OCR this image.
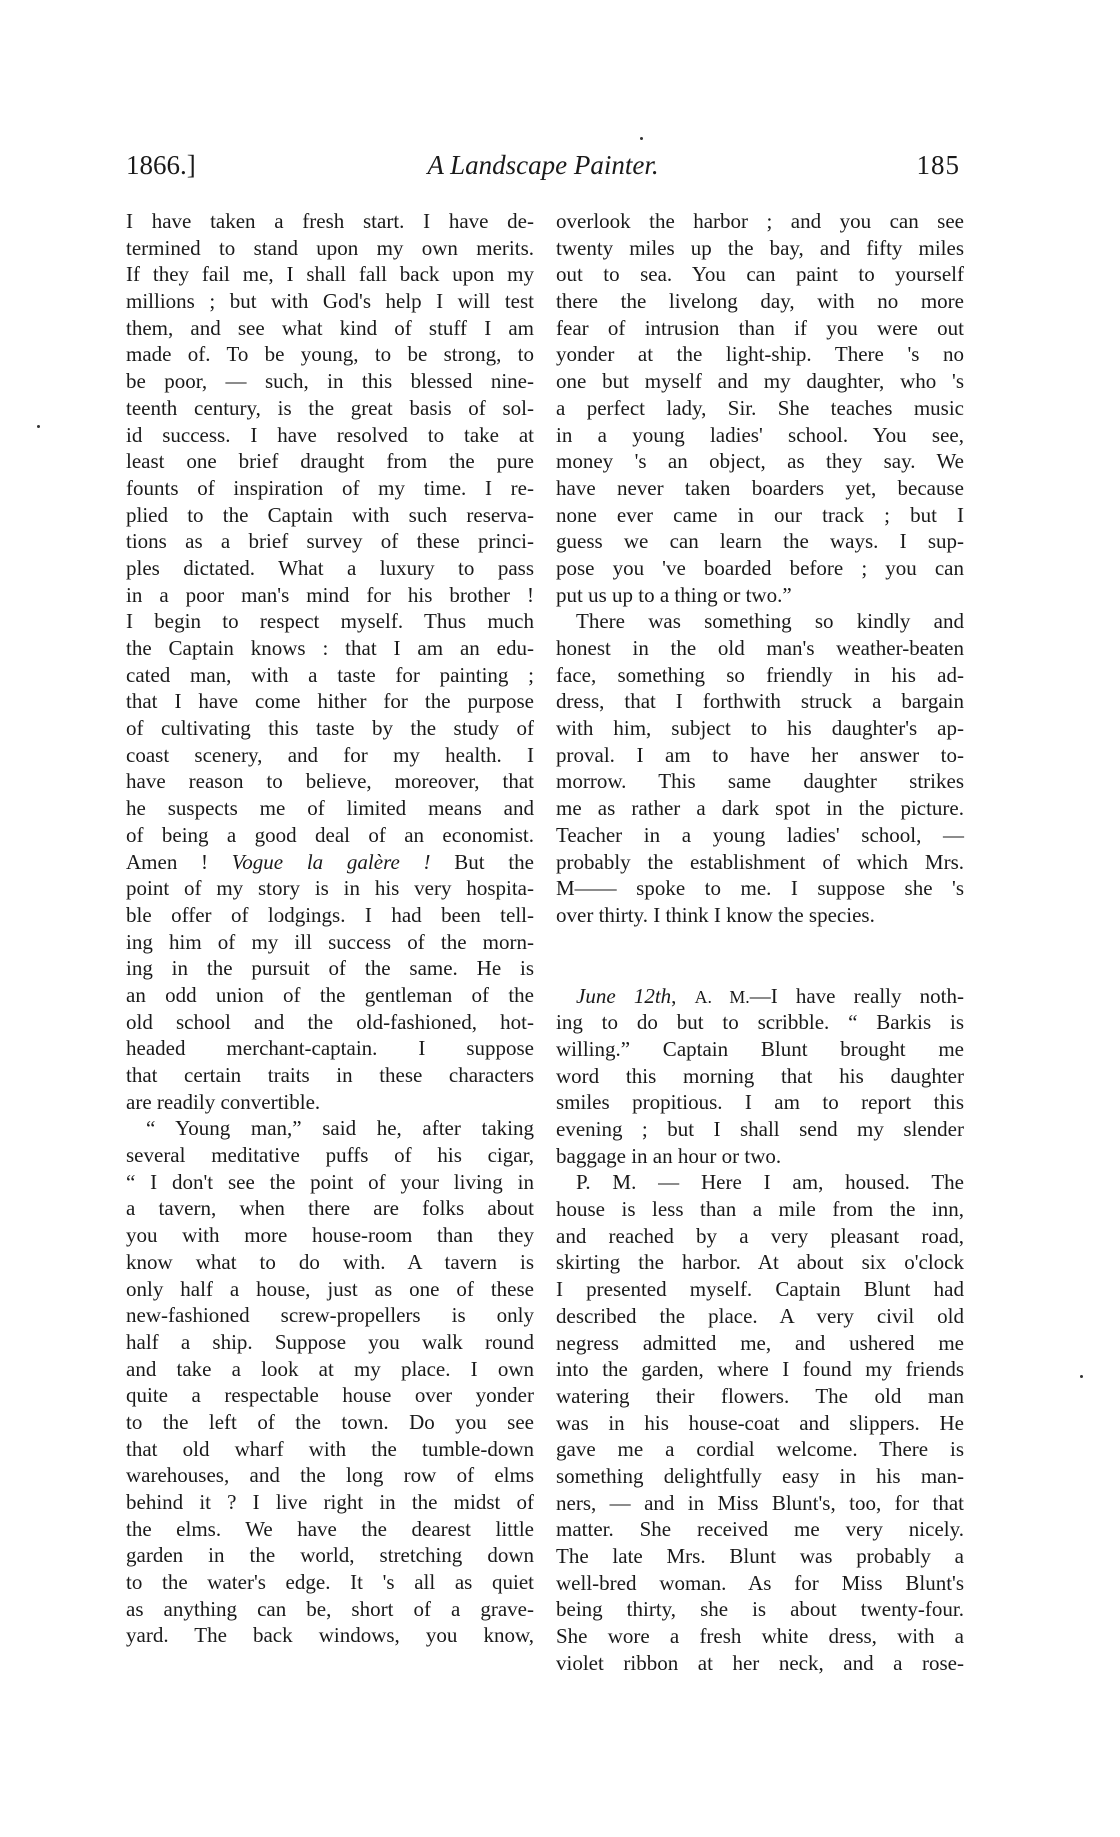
1866.]	A Landscape Painter.	185
I have taken a fresh start. I have de-
termined to stand upon my own merits.
If they fail me, I shall fall back upon my
millions ; but with God's help I will test
them, and see what kind of stuff I am
made of. To be young, to be strong, to
be poor, — such, in this blessed nine-
teenth century, is the great basis of sol-
id success. I have resolved to take at
least one brief draught from the pure
founts of inspiration of my time. I re-
plied to the Captain with such reserva-
tions as a brief survey of these princi-
ples dictated. What a luxury to pass
in a poor man's mind for his brother !
I begin to respect myself. Thus much
the Captain knows : that I am an edu-
cated man, with a taste for painting ;
that I have come hither for the purpose
of cultivating this taste by the study of
coast scenery, and for my health. I
have reason to believe, moreover, that
he suspects me of limited means and
of being a good deal of an economist.
Amen ! Vogue la galère ! But the
point of my story is in his very hospita-
ble offer of lodgings. I had been tell-
ing him of my ill success of the morn-
ing in the pursuit of the same. He is
an odd union of the gentleman of the
old school and the old-fashioned, hot-
headed merchant-captain. I suppose
that certain traits in these characters
are readily convertible.
“ Young man,” said he, after taking
several meditative puffs of his cigar,
“ I don't see the point of your living in
a tavern, when there are folks about
you with more house-room than they
know what to do with. A tavern is
only half a house, just as one of these
new-fashioned screw-propellers is only
half a ship. Suppose you walk round
and take a look at my place. I own
quite a respectable house over yonder
to the left of the town. Do you see
that old wharf with the tumble-down
warehouses, and the long row of elms
behind it ? I live right in the midst of
the elms. We have the dearest little
garden in the world, stretching down
to the water's edge. It 's all as quiet
as anything can be, short of a grave-
yard. The back windows, you know,
overlook the harbor ; and you can see
twenty miles up the bay, and fifty miles
out to sea. You can paint to yourself
there the livelong day, with no more
fear of intrusion than if you were out
yonder at the light-ship. There 's no
one but myself and my daughter, who 's
a perfect lady, Sir. She teaches music
in a young ladies' school. You see,
money 's an object, as they say. We
have never taken boarders yet, because
none ever came in our track ; but I
guess we can learn the ways. I sup-
pose you 've boarded before ; you can
put us up to a thing or two.”
There was something so kindly and
honest in the old man's weather-beaten
face, something so friendly in his ad-
dress, that I forthwith struck a bargain
with him, subject to his daughter's ap-
proval. I am to have her answer to-
morrow. This same daughter strikes
me as rather a dark spot in the picture.
Teacher in a young ladies' school, —
probably the establishment of which Mrs.
M—— spoke to me. I suppose she 's
over thirty. I think I know the species.
June 12th, A. M.—I have really noth-
ing to do but to scribble. “ Barkis is
willing.” Captain Blunt brought me
word this morning that his daughter
smiles propitious. I am to report this
evening ; but I shall send my slender
baggage in an hour or two.
P. M. — Here I am, housed. The
house is less than a mile from the inn,
and reached by a very pleasant road,
skirting the harbor. At about six o'clock
I presented myself. Captain Blunt had
described the place. A very civil old
negress admitted me, and ushered me
into the garden, where I found my friends
watering their flowers. The old man
was in his house-coat and slippers. He
gave me a cordial welcome. There is
something delightfully easy in his man-
ners, — and in Miss Blunt's, too, for that
matter. She received me very nicely.
The late Mrs. Blunt was probably a
well-bred woman. As for Miss Blunt's
being thirty, she is about twenty-four.
She wore a fresh white dress, with a
violet ribbon at her neck, and a rose-
